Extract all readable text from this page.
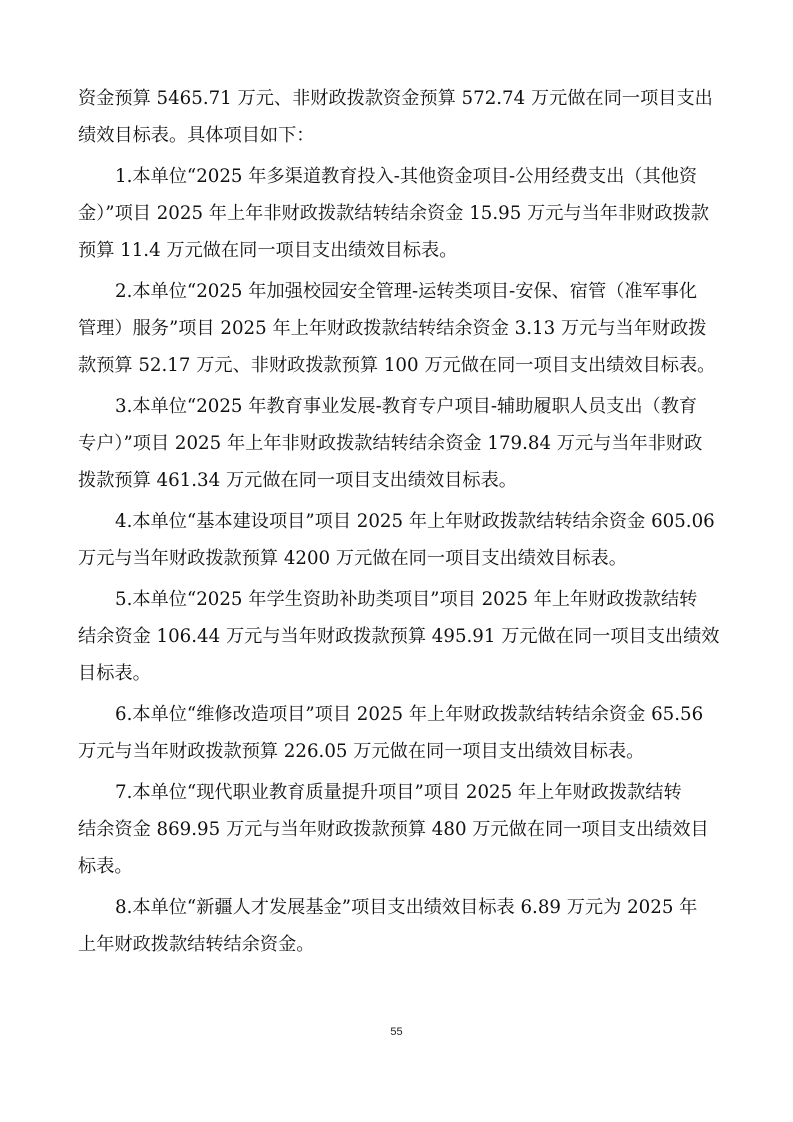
资金预算 5465.71 万元、非财政拨款资金预算 572.74 万元做在同一项目支出
绩效目标表。具体项目如下：
1.本单位“2025 年多渠道教育投入-其他资金项目-公用经费支出（其他资
金）”项目 2025 年上年非财政拨款结转结余资金 15.95 万元与当年非财政拨款
预算 11.4 万元做在同一项目支出绩效目标表。
2.本单位“2025 年加强校园安全管理-运转类项目-安保、宿管（准军事化
管理）服务”项目 2025 年上年财政拨款结转结余资金 3.13 万元与当年财政拨
款预算 52.17 万元、非财政拨款预算 100 万元做在同一项目支出绩效目标表。
3.本单位“2025 年教育事业发展-教育专户项目-辅助履职人员支出（教育
专户）”项目 2025 年上年非财政拨款结转结余资金 179.84 万元与当年非财政
拨款预算 461.34 万元做在同一项目支出绩效目标表。
4.本单位“基本建设项目”项目 2025 年上年财政拨款结转结余资金 605.06
万元与当年财政拨款预算 4200 万元做在同一项目支出绩效目标表。
5.本单位“2025 年学生资助补助类项目”项目 2025 年上年财政拨款结转
结余资金 106.44 万元与当年财政拨款预算 495.91 万元做在同一项目支出绩效
目标表。
6.本单位“维修改造项目”项目 2025 年上年财政拨款结转结余资金 65.56
万元与当年财政拨款预算 226.05 万元做在同一项目支出绩效目标表。
7.本单位“现代职业教育质量提升项目”项目 2025 年上年财政拨款结转
结余资金 869.95 万元与当年财政拨款预算 480 万元做在同一项目支出绩效目
标表。
8.本单位“新疆人才发展基金”项目支出绩效目标表 6.89 万元为 2025 年
上年财政拨款结转结余资金。
55
